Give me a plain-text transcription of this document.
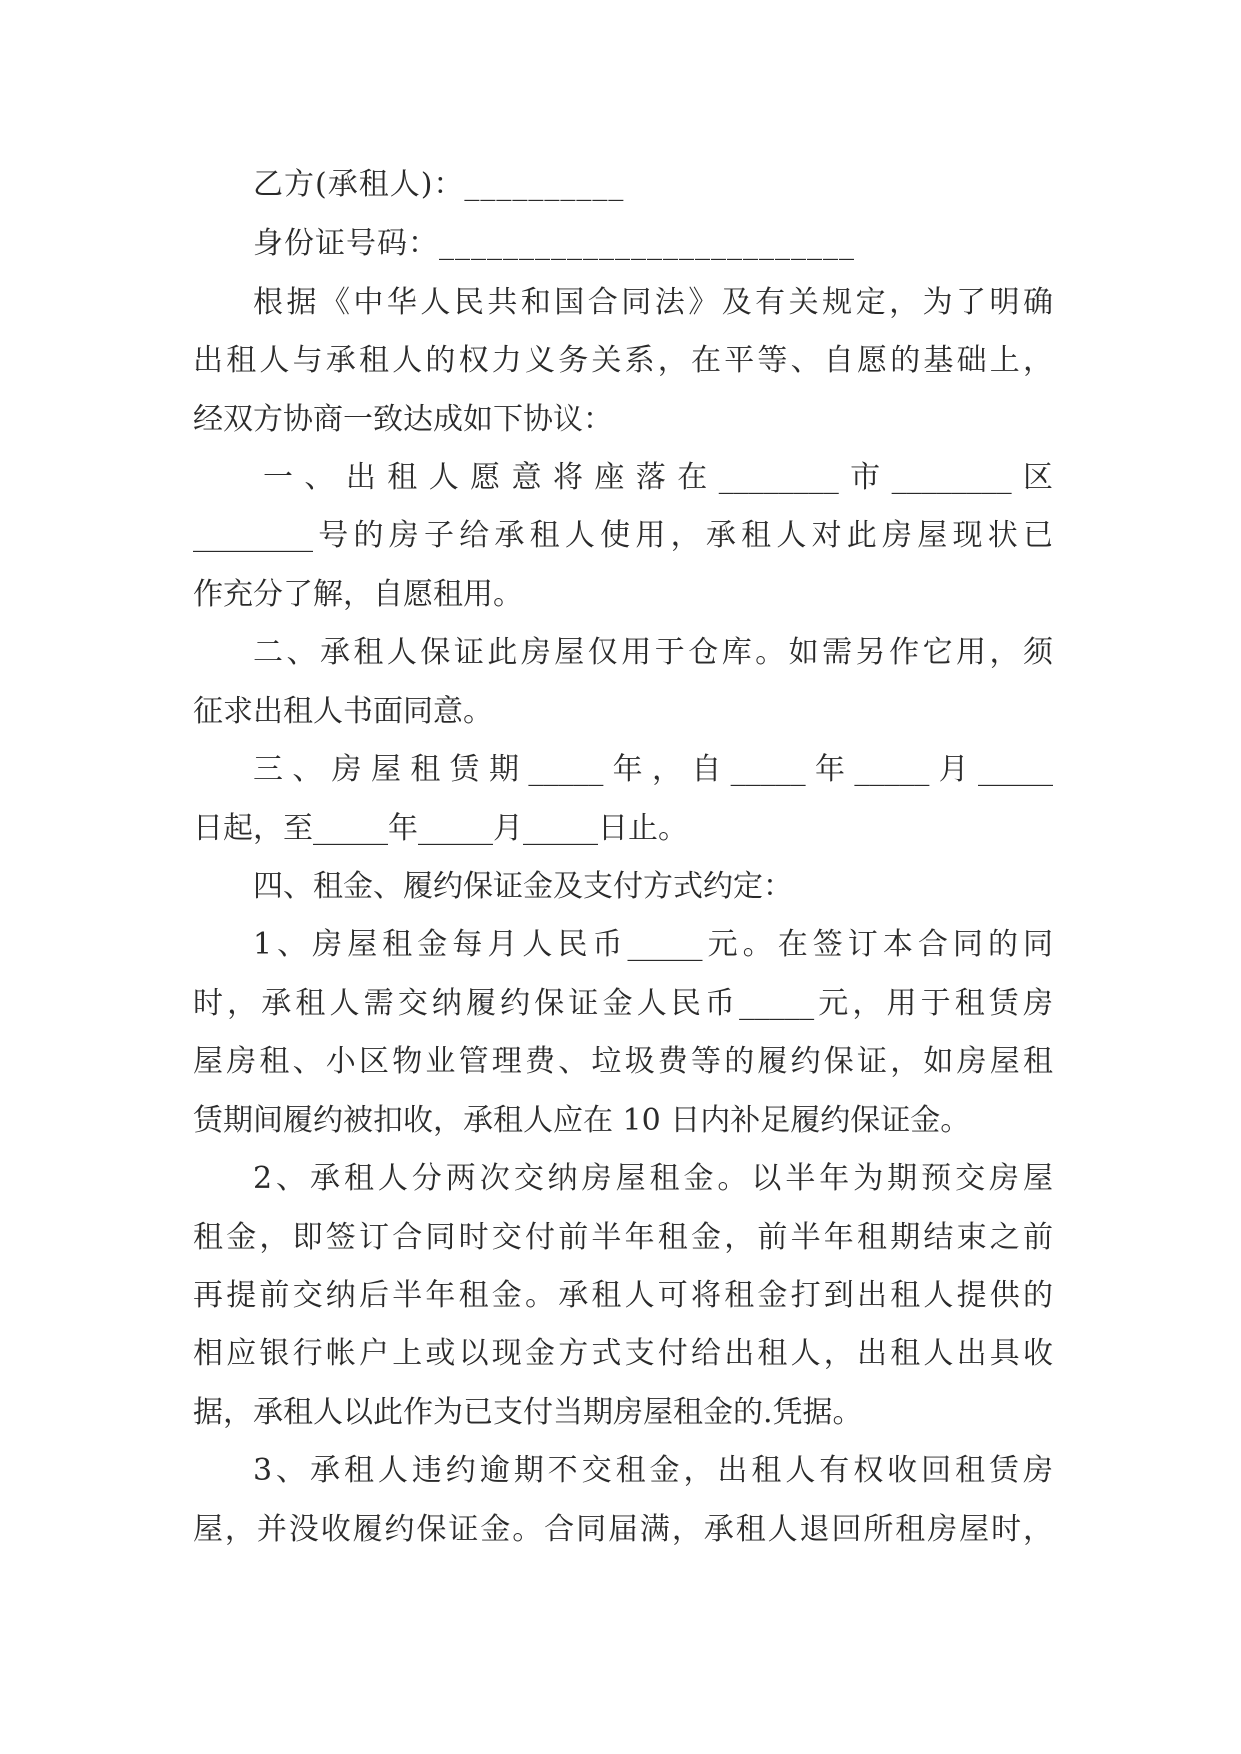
乙方(承租人)：__________
身份证号码：__________________________
根据《中华人民共和国合同法》及有关规定，为了明确
出租人与承租人的权力义务关系，在平等、自愿的基础上，
经双方协商一致达成如下协议：
一、出租人愿意将座落在________市________区
________号的房子给承租人使用，承租人对此房屋现状已
作充分了解，自愿租用。
二、承租人保证此房屋仅用于仓库。如需另作它用，须
征求出租人书面同意。
三、房屋租赁期_____年，自_____年_____月_____
日起，至_____年_____月_____日止。
四、租金、履约保证金及支付方式约定：
1、房屋租金每月人民币_____元。在签订本合同的同
时，承租人需交纳履约保证金人民币_____元，用于租赁房
屋房租、小区物业管理费、垃圾费等的履约保证，如房屋租
赁期间履约被扣收，承租人应在 10 日内补足履约保证金。
2、承租人分两次交纳房屋租金。以半年为期预交房屋
租金，即签订合同时交付前半年租金，前半年租期结束之前
再提前交纳后半年租金。承租人可将租金打到出租人提供的
相应银行帐户上或以现金方式支付给出租人，出租人出具收
据，承租人以此作为已支付当期房屋租金的.凭据。
3、承租人违约逾期不交租金，出租人有权收回租赁房
屋，并没收履约保证金。合同届满，承租人退回所租房屋时，
